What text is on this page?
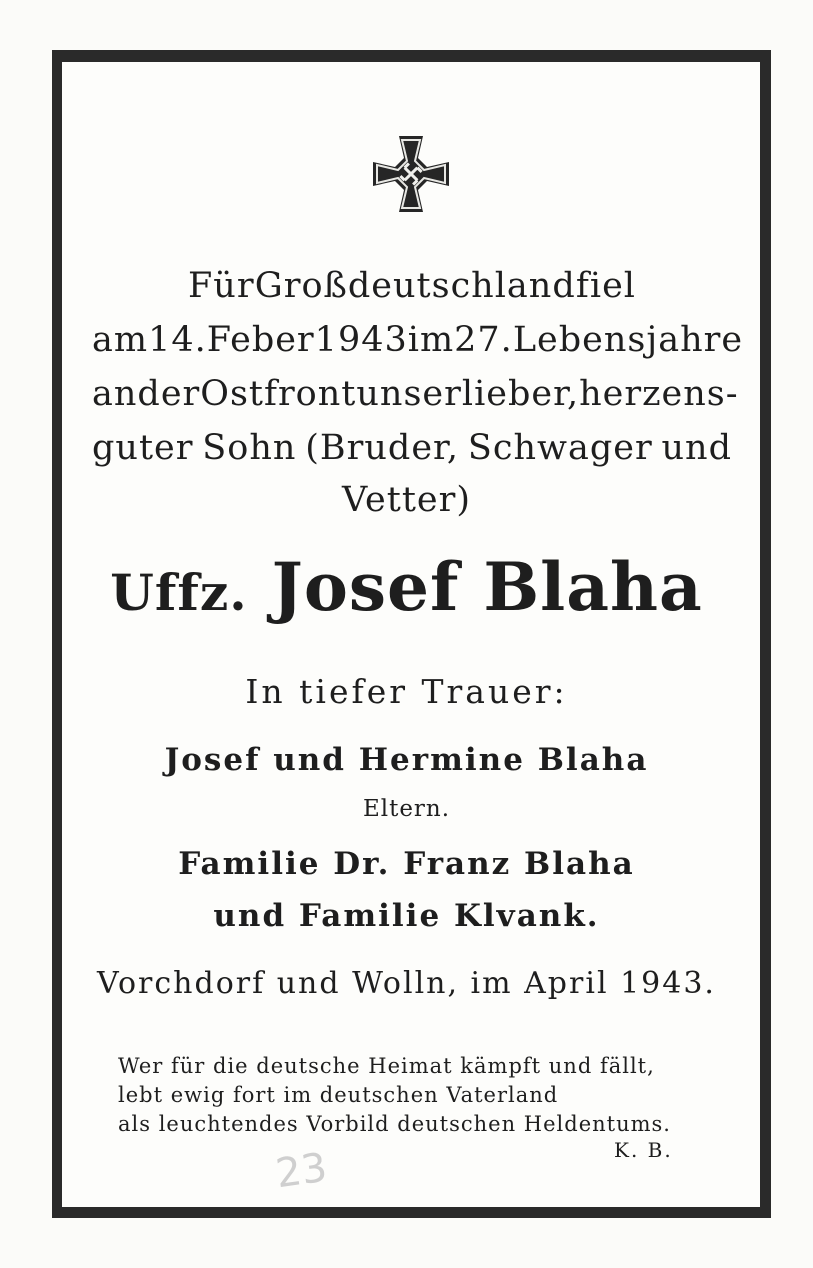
Für Großdeutschland fiel
am 14. Feber 1943 im 27. Lebensjahre
an der Ostfront unser lieber, herzens-
guter Sohn (Bruder, Schwager und
Vetter)
Uffz. Josef Blaha
In tiefer Trauer:
Josef und Hermine Blaha
Eltern.
Familie Dr. Franz Blaha
und Familie Klvank.
Vorchdorf und Wolln, im April 1943.
Wer für die deutsche Heimat kämpft und fällt,
lebt ewig fort im deutschen Vaterland
als leuchtendes Vorbild deutschen Heldentums.
K. B.
23
